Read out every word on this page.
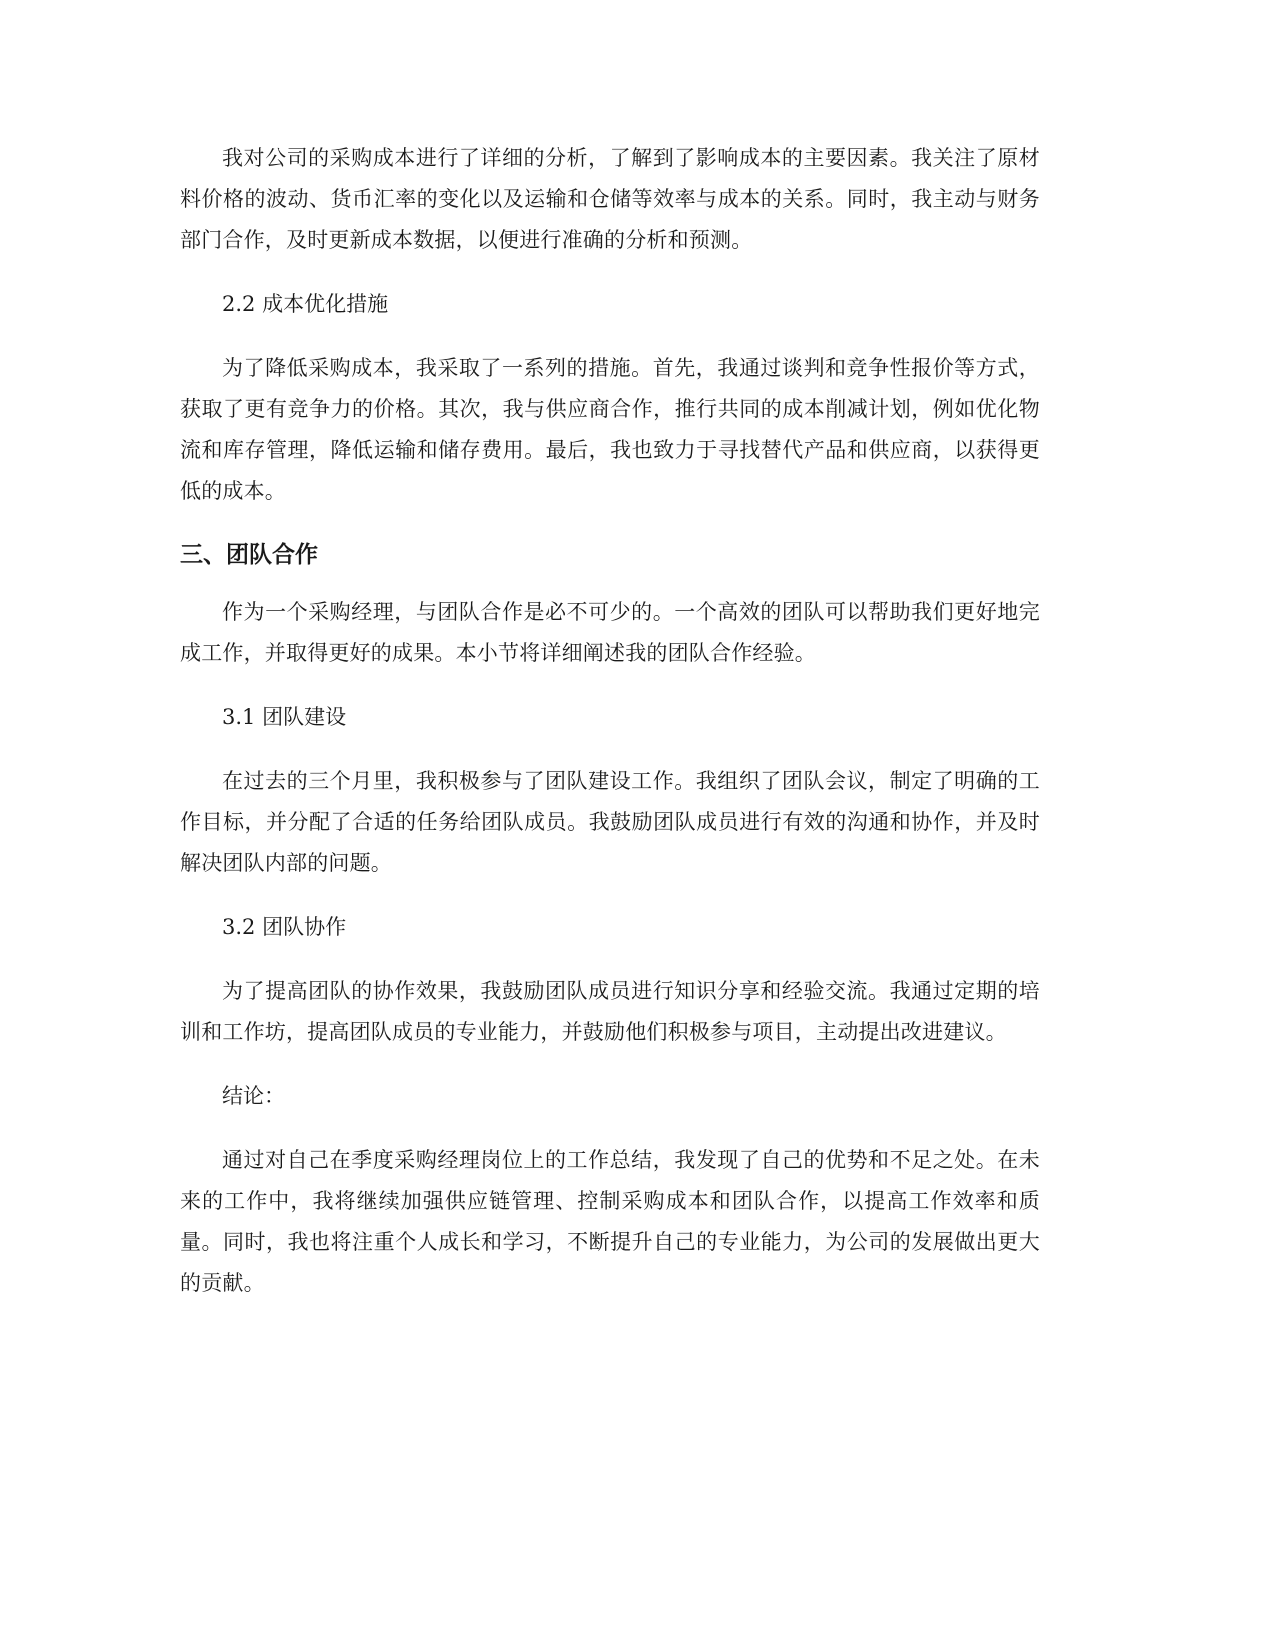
我对公司的采购成本进行了详细的分析，了解到了影响成本的主要因素。我关注了原材料价格的波动、货币汇率的变化以及运输和仓储等效率与成本的关系。同时，我主动与财务部门合作，及时更新成本数据，以便进行准确的分析和预测。

2.2 成本优化措施

为了降低采购成本，我采取了一系列的措施。首先，我通过谈判和竞争性报价等方式，获取了更有竞争力的价格。其次，我与供应商合作，推行共同的成本削减计划，例如优化物流和库存管理，降低运输和储存费用。最后，我也致力于寻找替代产品和供应商，以获得更低的成本。

三、团队合作

作为一个采购经理，与团队合作是必不可少的。一个高效的团队可以帮助我们更好地完成工作，并取得更好的成果。本小节将详细阐述我的团队合作经验。

3.1 团队建设

在过去的三个月里，我积极参与了团队建设工作。我组织了团队会议，制定了明确的工作目标，并分配了合适的任务给团队成员。我鼓励团队成员进行有效的沟通和协作，并及时解决团队内部的问题。

3.2 团队协作

为了提高团队的协作效果，我鼓励团队成员进行知识分享和经验交流。我通过定期的培训和工作坊，提高团队成员的专业能力，并鼓励他们积极参与项目，主动提出改进建议。

结论：

通过对自己在季度采购经理岗位上的工作总结，我发现了自己的优势和不足之处。在未来的工作中，我将继续加强供应链管理、控制采购成本和团队合作，以提高工作效率和质量。同时，我也将注重个人成长和学习，不断提升自己的专业能力，为公司的发展做出更大的贡献。
